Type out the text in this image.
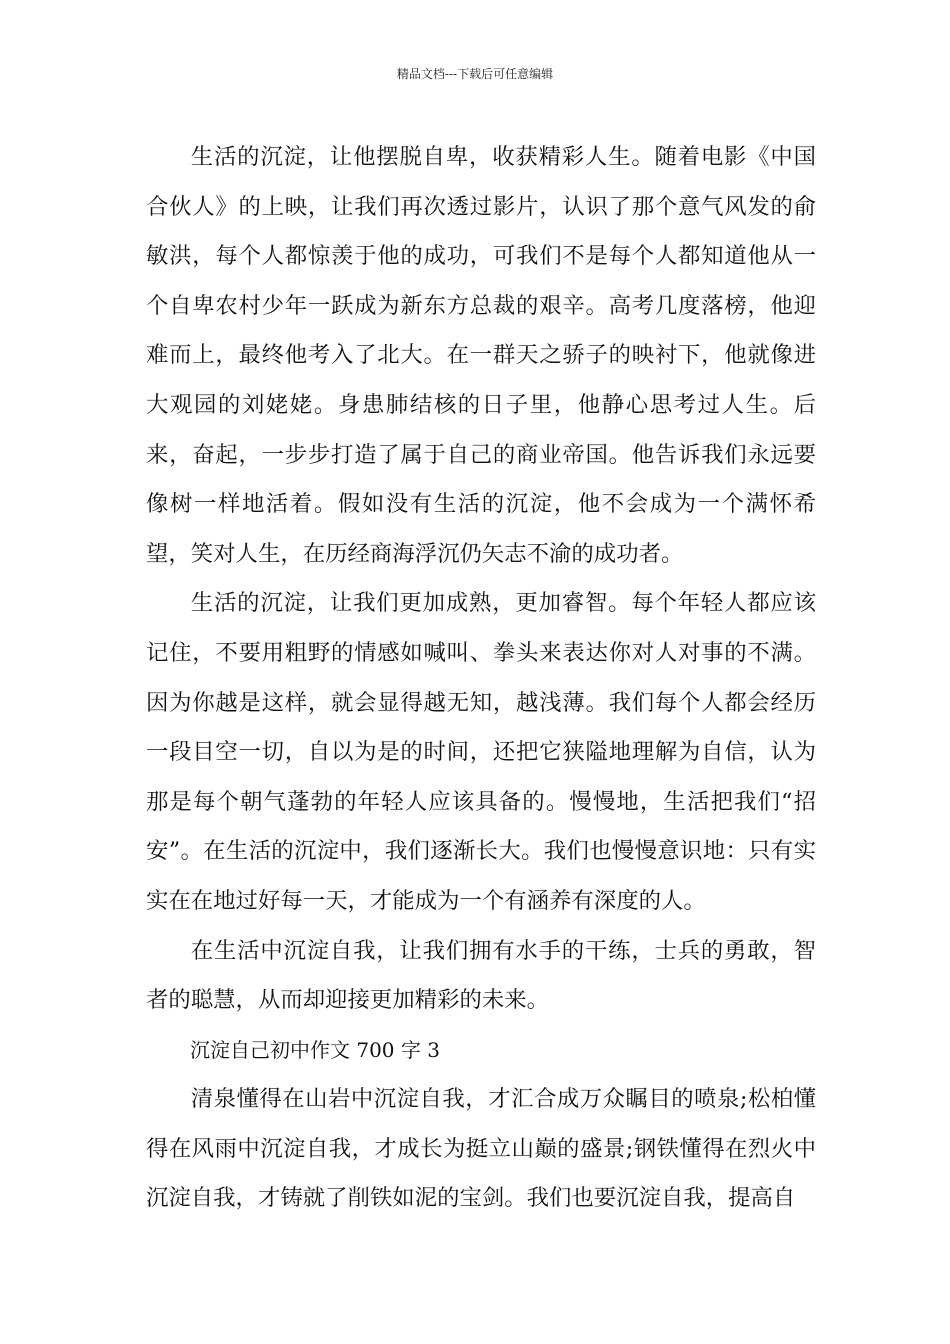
精品文档---下载后可任意编辑

生活的沉淀，让他摆脱自卑，收获精彩人生。随着电影《中国合伙人》的上映，让我们再次透过影片，认识了那个意气风发的俞敏洪，每个人都惊羡于他的成功，可我们不是每个人都知道他从一个自卑农村少年一跃成为新东方总裁的艰辛。高考几度落榜，他迎难而上，最终他考入了北大。在一群天之骄子的映衬下，他就像进大观园的刘姥姥。身患肺结核的日子里，他静心思考过人生。后来，奋起，一步步打造了属于自己的商业帝国。他告诉我们永远要像树一样地活着。假如没有生活的沉淀，他不会成为一个满怀希望，笑对人生，在历经商海浮沉仍矢志不渝的成功者。

生活的沉淀，让我们更加成熟，更加睿智。每个年轻人都应该记住，不要用粗野的情感如喊叫、拳头来表达你对人对事的不满。因为你越是这样，就会显得越无知，越浅薄。我们每个人都会经历一段目空一切，自以为是的时间，还把它狭隘地理解为自信，认为那是每个朝气蓬勃的年轻人应该具备的。慢慢地，生活把我们“招安”。在生活的沉淀中，我们逐渐长大。我们也慢慢意识地：只有实实在在地过好每一天，才能成为一个有涵养有深度的人。

在生活中沉淀自我，让我们拥有水手的干练，士兵的勇敢，智者的聪慧，从而却迎接更加精彩的未来。

沉淀自己初中作文 700 字 3

清泉懂得在山岩中沉淀自我，才汇合成万众瞩目的喷泉;松柏懂得在风雨中沉淀自我，才成长为挺立山巅的盛景;钢铁懂得在烈火中沉淀自我，才铸就了削铁如泥的宝剑。我们也要沉淀自我，提高自
